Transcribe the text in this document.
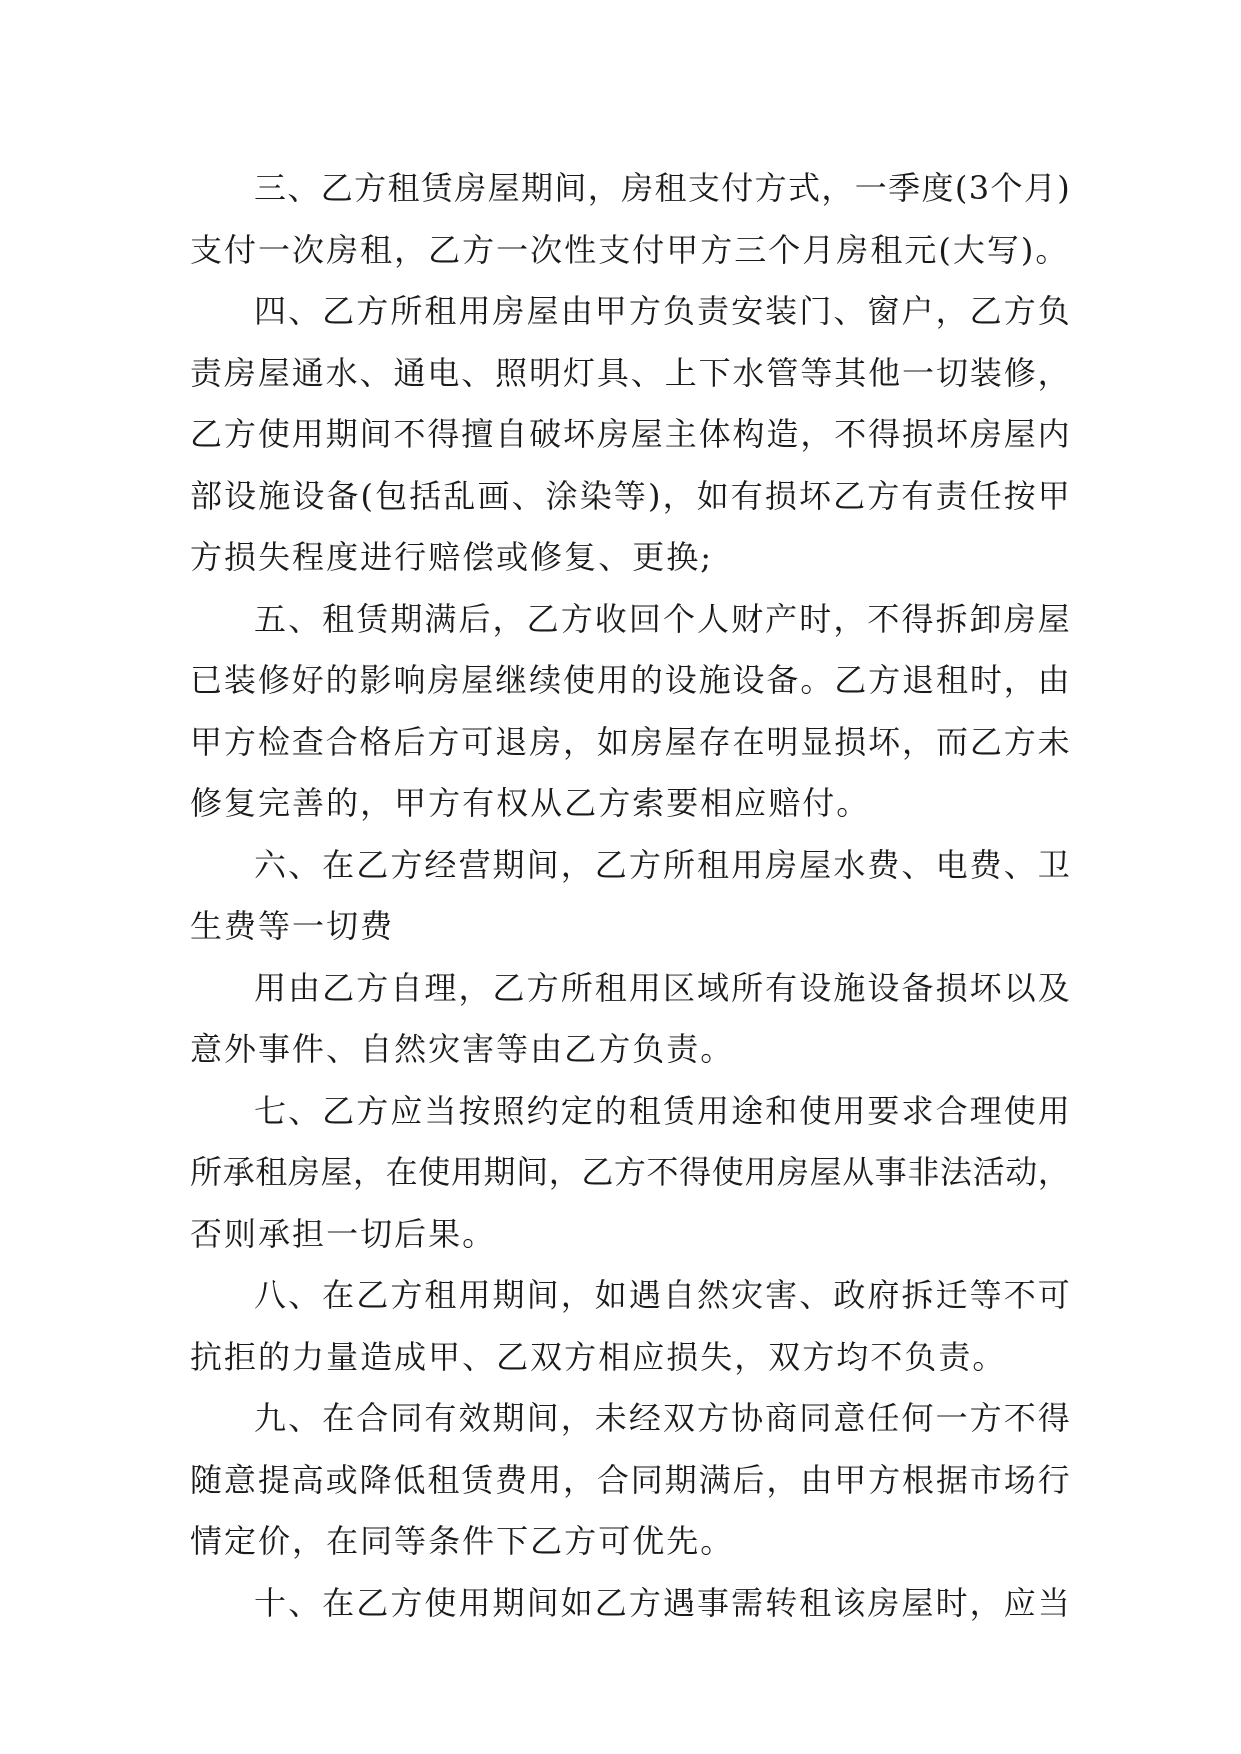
三 、 乙 方 租 赁 房 屋 期 间 ， 房 租 支 付 方 式 ， 一 季 度 ( 3 个 月 )
支 付 一 次 房 租 ， 乙 方 一 次 性 支 付 甲 方 三 个 月 房 租 元 ( 大 写 ) 。
四 、 乙 方 所 租 用 房 屋 由 甲 方 负 责 安 装 门 、 窗 户 ， 乙 方 负
责 房 屋 通 水 、 通 电 、 照 明 灯 具 、 上 下 水 管 等 其 他 一 切 装 修 ，
乙 方 使 用 期 间 不 得 擅 自 破 坏 房 屋 主 体 构 造 ， 不 得 损 坏 房 屋 内
部 设 施 设 备 ( 包 括 乱 画 、 涂 染 等 ) ， 如 有 损 坏 乙 方 有 责 任 按 甲
方 损 失 程 度 进 行 赔 偿 或 修 复 、 更 换 ;
五 、 租 赁 期 满 后 ， 乙 方 收 回 个 人 财 产 时 ， 不 得 拆 卸 房 屋
已 装 修 好 的 影 响 房 屋 继 续 使 用 的 设 施 设 备 。 乙 方 退 租 时 ， 由
甲 方 检 查 合 格 后 方 可 退 房 ， 如 房 屋 存 在 明 显 损 坏 ， 而 乙 方 未
修 复 完 善 的 ， 甲 方 有 权 从 乙 方 索 要 相 应 赔 付 。
六 、 在 乙 方 经 营 期 间 ， 乙 方 所 租 用 房 屋 水 费 、 电 费 、 卫
生 费 等 一 切 费
用 由 乙 方 自 理 ， 乙 方 所 租 用 区 域 所 有 设 施 设 备 损 坏 以 及
意 外 事 件 、 自 然 灾 害 等 由 乙 方 负 责 。
七 、 乙 方 应 当 按 照 约 定 的 租 赁 用 途 和 使 用 要 求 合 理 使 用
所 承 租 房 屋 ， 在 使 用 期 间 ， 乙 方 不 得 使 用 房 屋 从 事 非 法 活 动 ，
否 则 承 担 一 切 后 果 。
八 、 在 乙 方 租 用 期 间 ， 如 遇 自 然 灾 害 、 政 府 拆 迁 等 不 可
抗 拒 的 力 量 造 成 甲 、 乙 双 方 相 应 损 失 ， 双 方 均 不 负 责 。
九 、 在 合 同 有 效 期 间 ， 未 经 双 方 协 商 同 意 任 何 一 方 不 得
随 意 提 高 或 降 低 租 赁 费 用 ， 合 同 期 满 后 ， 由 甲 方 根 据 市 场 行
情 定 价 ， 在 同 等 条 件 下 乙 方 可 优 先 。
十 、 在 乙 方 使 用 期 间 如 乙 方 遇 事 需 转 租 该 房 屋 时 ， 应 当
